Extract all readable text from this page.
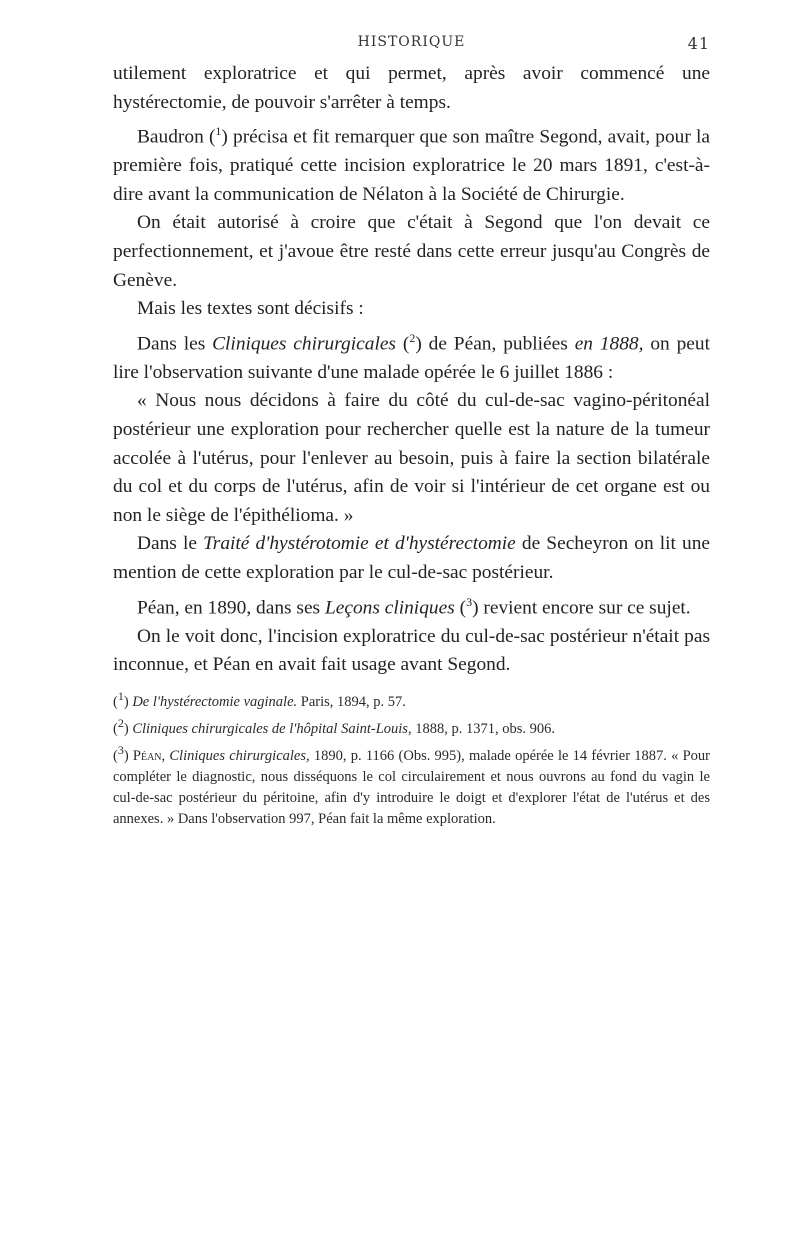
HISTORIQUE	41

utilement exploratrice et qui permet, après avoir commencé une hystérectomie, de pouvoir s'arrêter à temps.

Baudron ($^1$) précisa et fit remarquer que son maître Segond, avait, pour la première fois, pratiqué cette incision exploratrice le 20 mars 1891, c'est-à-dire avant la communication de Nélaton à la Société de Chirurgie.

On était autorisé à croire que c'était à Segond que l'on devait ce perfectionnement, et j'avoue être resté dans cette erreur jusqu'au Congrès de Genève.

Mais les textes sont décisifs :

Dans les Cliniques chirurgicales ($^2$) de Péan, publiées en 1888, on peut lire l'observation suivante d'une malade opérée le 6 juillet 1886 :

« Nous nous décidons à faire du côté du cul-de-sac vagino-péritonéal postérieur une exploration pour rechercher quelle est la nature de la tumeur accolée à l'utérus, pour l'enlever au besoin, puis à faire la section bilatérale du col et du corps de l'utérus, afin de voir si l'intérieur de cet organe est ou non le siège de l'épithélioma. »

Dans le Traité d'hystérotomie et d'hystérectomie de Secheyron on lit une mention de cette exploration par le cul-de-sac postérieur.

Péan, en 1890, dans ses Leçons cliniques ($^3$) revient encore sur ce sujet.

On le voit donc, l'incision exploratrice du cul-de-sac postérieur n'était pas inconnue, et Péan en avait fait usage avant Segond.

($^1$) De l'hystérectomie vaginale. Paris, 1894, p. 57.

($^2$) Cliniques chirurgicales de l'hôpital Saint-Louis, 1888, p. 1371, obs. 906.

($^3$) Péan, Cliniques chirurgicales, 1890, p. 1166 (Obs. 995), malade opérée le 14 février 1887. « Pour compléter le diagnostic, nous disséquons le col circulairement et nous ouvrons au fond du vagin le cul-de-sac postérieur du péritoine, afin d'y introduire le doigt et d'explorer l'état de l'utérus et des annexes. » Dans l'observation 997, Péan fait la même exploration.
